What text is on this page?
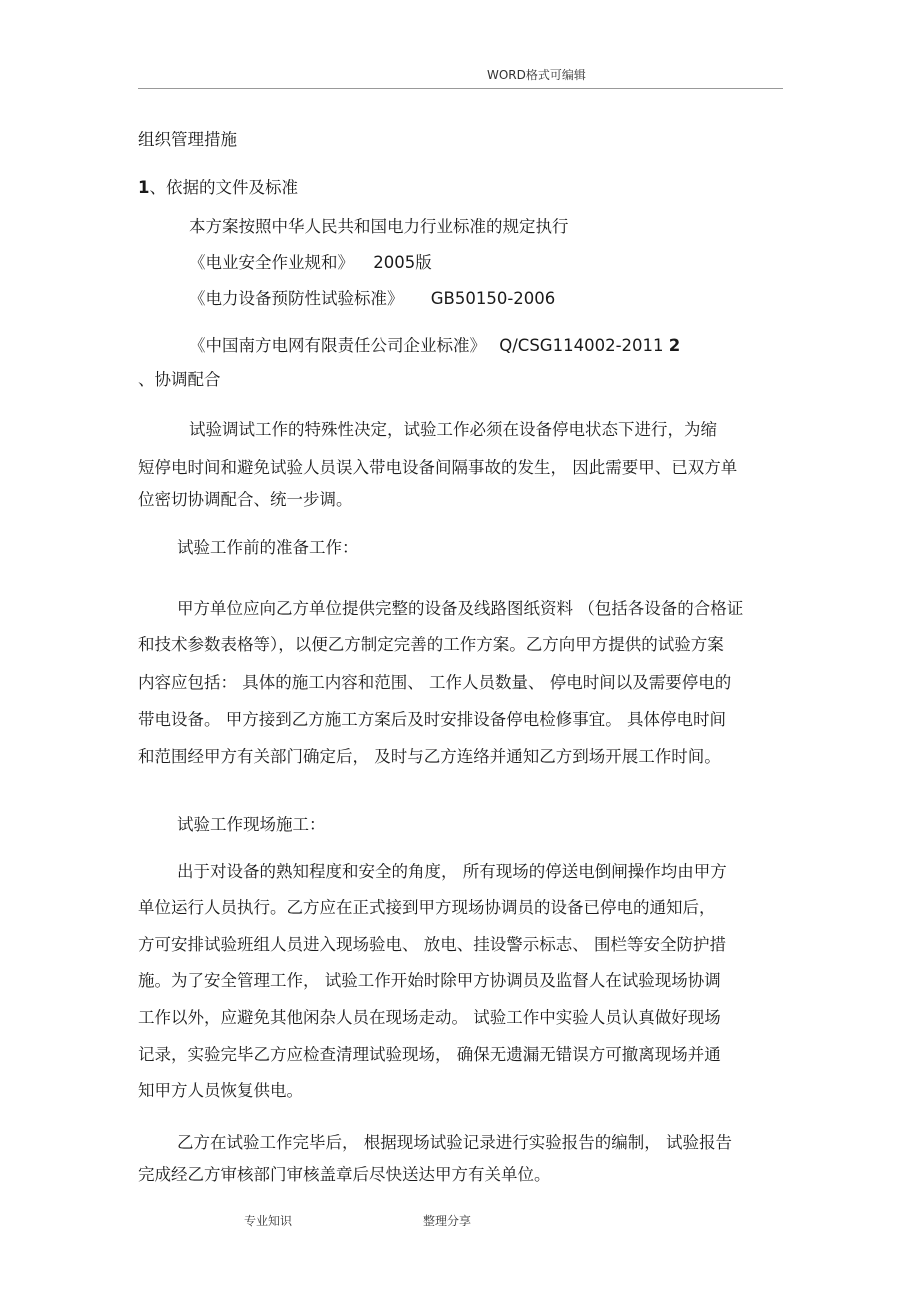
WORD格式可编辑
组织管理措施
1、依据的文件及标准
本方案按照中华人民共和国电力行业标准的规定执行
《电业安全作业规和》 2005版
《电力设备预防性试验标准》 GB50150-2006
《中国南方电网有限责任公司企业标准》 Q/CSG114002-2011 2
、协调配合
试验调试工作的特殊性决定，试验工作必须在设备停电状态下进行，为缩
短停电时间和避免试验人员误入带电设备间隔事故的发生， 因此需要甲、已双方单
位密切协调配合、统一步调。
试验工作前的准备工作：
甲方单位应向乙方单位提供完整的设备及线路图纸资料 （包括各设备的合格证
和技术参数表格等），以便乙方制定完善的工作方案。乙方向甲方提供的试验方案
内容应包括： 具体的施工内容和范围、 工作人员数量、 停电时间以及需要停电的
带电设备。 甲方接到乙方施工方案后及时安排设备停电检修事宜。 具体停电时间
和范围经甲方有关部门确定后， 及时与乙方连络并通知乙方到场开展工作时间。
试验工作现场施工：
出于对设备的熟知程度和安全的角度， 所有现场的停送电倒闸操作均由甲方
单位运行人员执行。乙方应在正式接到甲方现场协调员的设备已停电的通知后，
方可安排试验班组人员进入现场验电、 放电、挂设警示标志、 围栏等安全防护措
施。为了安全管理工作， 试验工作开始时除甲方协调员及监督人在试验现场协调
工作以外，应避免其他闲杂人员在现场走动。 试验工作中实验人员认真做好现场
记录，实验完毕乙方应检查清理试验现场， 确保无遗漏无错误方可撤离现场并通
知甲方人员恢复供电。
乙方在试验工作完毕后， 根据现场试验记录进行实验报告的编制， 试验报告
完成经乙方审核部门审核盖章后尽快送达甲方有关单位。
专业知识	整理分享
